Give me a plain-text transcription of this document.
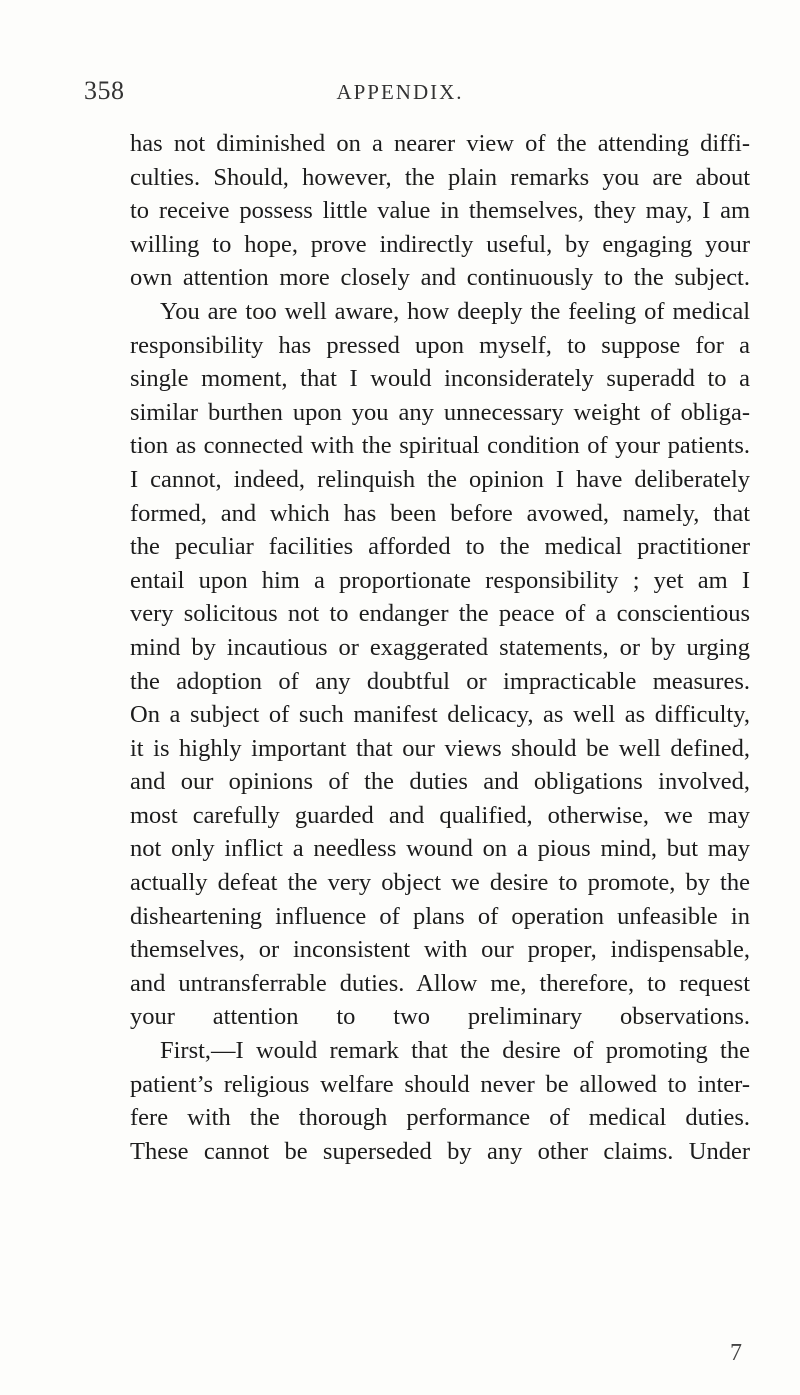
358	APPENDIX.
has not diminished on a nearer view of the attending diffi-
culties. Should, however, the plain remarks you are about
to receive possess little value in themselves, they may, I am
willing to hope, prove indirectly useful, by engaging your
own attention more closely and continuously to the subject.
You are too well aware, how deeply the feeling of medical
responsibility has pressed upon myself, to suppose for a
single moment, that I would inconsiderately superadd to a
similar burthen upon you any unnecessary weight of obliga-
tion as connected with the spiritual condition of your patients.
I cannot, indeed, relinquish the opinion I have deliberately
formed, and which has been before avowed, namely, that
the peculiar facilities afforded to the medical practitioner
entail upon him a proportionate responsibility ; yet am I
very solicitous not to endanger the peace of a conscientious
mind by incautious or exaggerated statements, or by urging
the adoption of any doubtful or impracticable measures.
On a subject of such manifest delicacy, as well as difficulty,
it is highly important that our views should be well defined,
and our opinions of the duties and obligations involved,
most carefully guarded and qualified, otherwise, we may
not only inflict a needless wound on a pious mind, but may
actually defeat the very object we desire to promote, by the
disheartening influence of plans of operation unfeasible in
themselves, or inconsistent with our proper, indispensable,
and untransferrable duties. Allow me, therefore, to request
your attention to two preliminary observations.
First,—I would remark that the desire of promoting the
patient’s religious welfare should never be allowed to inter-
fere with the thorough performance of medical duties.
These cannot be superseded by any other claims. Under
7
